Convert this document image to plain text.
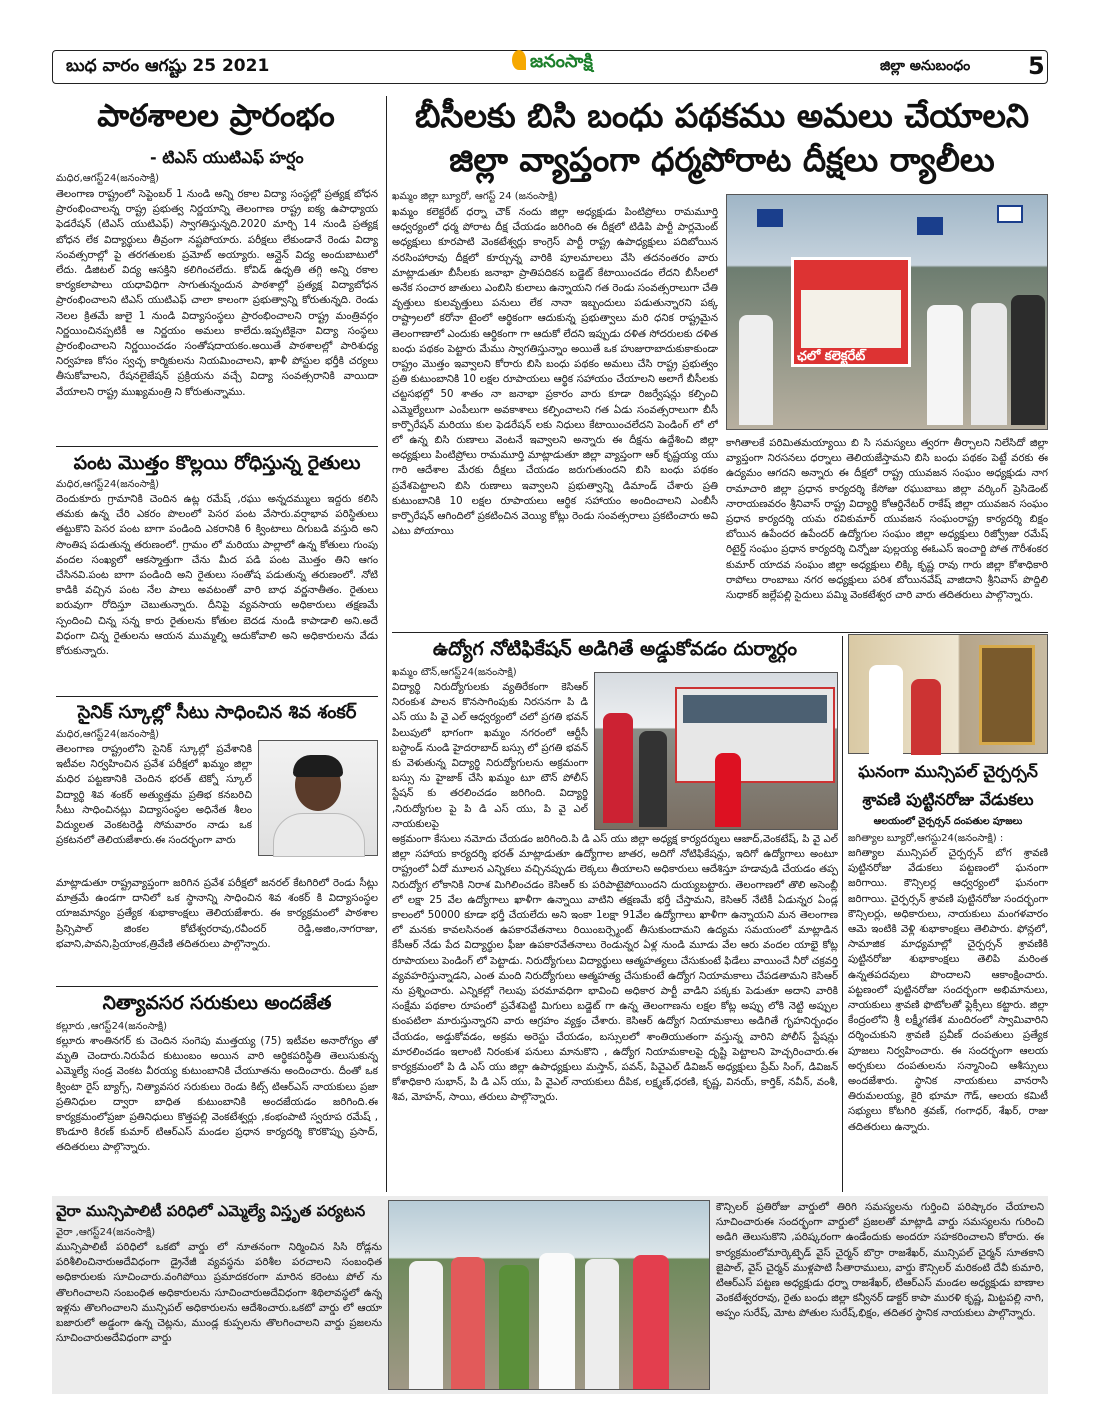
బుధ వారం ఆగష్టు 25 2021	జనంసాక్షి	జిల్లా అనుబంధం 5
బీసీలకు బిసి బంధు పథకము అమలు చేయాలని
జిల్లా వ్యాప్తంగా ధర్మపోరాట దీక్షలు ర్యాలీలు
పాఠశాలల ప్రారంభం
- టిఎస్ యుటిఎఫ్ హర్షం
మధిర,ఆగస్ట్24(జనంసాక్షి)
తెలంగాణ రాష్ట్రంలో సెప్టెంబర్ 1 నుండి అన్ని రకాల విద్యా సంస్థల్లో ప్రత్యక్ష బోధన ప్రారంభించాలన్న రాష్ట్ర ప్రభుత్వ నిర్ణయాన్ని తెలంగాణ రాష్ట్ర ఐక్య ఉపాధ్యాయ ఫెడరేషన్ (టిఎస్ యుటిఎఫ్) స్వాగతిస్తున్నది.2020 మార్చి 14 నుండి ప్రత్యక్ష బోధన లేక విద్యార్థులు తీవ్రంగా నష్టపోయారు. పరీక్షలు లేకుండానే రెండు విద్యా సంవత్సరాల్లో పై తరగతులకు ప్రమోట్ అయ్యారు. ఆన్లైన్ విద్య అందుబాటులో లేదు. డిజిటల్ విద్య ఆసక్తిని కలిగించలేదు. కోవిడ్ ఉధృతి తగ్గి అన్ని రకాల కార్యకలాపాలు యధావిధిగా సాగుతున్నందున పాఠశాల్లో ప్రత్యక్ష విద్యాబోధన ప్రారంభించాలని టిఎస్ యుటిఎఫ్ చాలా కాలంగా ప్రభుత్వాన్ని కోరుతున్నది. రెండు నెలల క్రితమే జులై 1 నుండి విద్యాసంస్థలు ప్రారంభించాలని రాష్ట్ర మంత్రివర్గం నిర్ణయించినప్పటికీ ఆ నిర్ణయం అమలు కాలేదు.ఇప్పటికైనా విద్యా సంస్థలు ప్రారంభించాలని నిర్ణయించడం సంతోషదాయకం.అయితే పాఠశాలల్లో పారిశుధ్య నిర్వహణ కోసం స్వచ్ఛ కార్మికులను నియమించాలని, ఖాళీ పోస్టుల భర్తీకి చర్యలు తీసుకోవాలని, రేషనలైజేషన్ ప్రక్రియను వచ్చే విద్యా సంవత్సరానికి వాయిదా వేయాలని రాష్ట్ర ముఖ్యమంత్రి ని కోరుతున్నాము.
పంట మొత్తం కొల్లయి రోధిస్తున్న రైతులు
మధిర,ఆగస్ట్24(జనంసాక్షి)
దెందుకూరు గ్రామానికి చెందిన ఉట్ల రమేష్ ,రఘు అన్నదమ్ములు ఇద్దరు కలిసి తమకు ఉన్న చేరి ఎకరం పొలంలో పెసర పంట వేసారు.వర్షాభావ పరిస్థితులు తట్టుకొని పెసర పంట బాగా పండింది ఎకరానికి 6 క్వింటాలు దిగుబడి వస్తుది అని సొంతిష పడుతున్న తరుణంలో. గ్రామం లో మరియు పాల్లాలో ఉన్న కోతులు గుంపు వందల సంఖ్యలో ఆకస్మాత్తుగా చేను మీద పడి పంట మొత్తం తిని ఆగం చేసినవి.పంట బాగా పండింది అని రైతులు సంతోష పడుతున్న తరుణంలో. నోటి కాడికి వచ్చిన పంట నేల పాలు అవటంతో వారి బాధ వర్ణనాతీతం. రైతులు ఐరువుగా రోదిస్తూ చెబుతున్నారు. దీనిపై వ్యవసాయ అధికారులు తక్షణమే స్పందించి చిన్న సన్న కారు రైతులను కోతుల బెదడ నుండి కాపాడాలి అని.అదే విధంగా చిన్న రైతులను ఆయన ముమ్మల్ని ఆదుకోవాలి అని అధికారులను వేడు కోరుకున్నారు.
సైనిక్ స్కూల్లో సీటు సాధించిన శివ శంకర్
మధిర,ఆగస్ట్24(జనంసాక్షి)
తెలంగాణ రాష్ట్రంలోని సైనిక్ స్కూల్లో ప్రవేశానికి ఇటీవల నిర్వహించిన ప్రవేశ పరీక్షలో ఖమ్మం జిల్లా మధిర పట్టణానికి చెందిన భరత్ టెక్నో స్కూల్ విద్యార్థి శివ శంకర్ అత్యుత్తమ ప్రతిభ కనబరిచి సీటు సాధించినట్లు విద్యాసంస్థల అధినేత శీలం విద్యులత వెంకటరెడ్డి సోమవారం నాడు ఒక ప్రకటనలో తెలియజేశారు.ఈ సందర్భంగా వారు
మాట్లాడుతూ రాష్ట్రవ్యాప్తంగా జరిగిన ప్రవేశ పరీక్షలో జనరల్ కేటగిరిలో రెండు సీట్లు మాత్రమే ఉండగా దానిలో ఒక స్థానాన్ని సాధించిన శివ శంకర్ కి విద్యాసంస్థల యాజమాన్యం ప్రత్యేక శుభాకాంక్షలు తెలియజేశారు. ఈ కార్యక్రమంలో పాఠశాల ప్రిన్సిపాల్ జింకల కోటేశ్వరరావు,రవీందర్ రెడ్డి,అజిం,నాగరాజు, భవాని,పావని,ప్రియాంక,త్రివేణి తదితరులు పాల్గొన్నారు.
నిత్యావసర సరుకులు అందజేత
కల్లూరు ,ఆగస్ట్24(జనంసాక్షి)
కల్లూరు శాంతినగర్ కు చెందిన సంగెపు ముత్తయ్య (75) ఇటీవల అనారోగ్యం తో మృతి చెందారు.నిరుపేద కుటుంబం అయిన వారి ఆర్థికపరిస్థితి తెలుసుకున్న ఎమ్మెల్యే సండ్ర వెంకట వీరయ్య కుటుంబానికి చేయూతను అందించారు. దీంతో ఒక క్వింటా రైస్ బ్యాగ్స్, నిత్యావసర సరుకులు రెండు కిట్స్ టిఆర్ఎస్ నాయకులు ప్రజా ప్రతినిధుల ద్వారా బాధిత కుటుంబానికి అందజేయడం జరిగింది.ఈ కార్యక్రమంలోప్రజా ప్రతినిధులు కొత్తపల్లి వెంకటేశ్వర్లు ,కంభంపాటి స్వరూప రమేష్ , కొండూరి కిరణ్ కుమార్ టిఆర్ఎస్ మండల ప్రధాన కార్యదర్శి కొరకొప్పు ప్రసాద్, తదితరులు పాల్గొన్నారు.
ఖమ్మం జిల్లా బ్యూరో, ఆగస్ట్ 24 (జనంసాక్షి)
ఖమ్మం కలెక్టరేట్ ధర్నా చౌక్ నందు జిల్లా అధ్యక్షుడు పింటిప్రోలు రామమూర్తి ఆధ్వర్యంలో ధర్మ పోరాట దీక్ష చేయడం జరిగింది ఈ దీక్షలో టిడిపి పార్టీ పార్లమెంట్ అధ్యక్షులు కూరపాటి వెంకటేశ్వర్లు కాంగ్రెస్ పార్టీ రాష్ట్ర ఉపాధ్యక్షులు పదిబోయిన నరసింహారావు దీక్షలో కూర్చున్న వారికి పూలమాలలు వేసి తదనంతరం వారు మాట్లాడుతూ బీసీలకు జనాభా ప్రాతిపదికన బడ్జెట్ కేటాయించడం లేదని బీసీలలో అనేక సంచార జాతులు ఎంబిసి కులాలు ఉన్నాయని గత రెండు సంవత్సరాలుగా చేతి వృత్తులు కులవృత్తులు పనులు లేక నానా ఇబ్బందులు పడుతున్నారని పక్క రాష్ట్రాలలో కరోనా టైంలో ఆర్థికంగా ఆదుకున్న ప్రభుత్వాలు మరి ధనిక రాష్ట్రమైన తెలంగాణాలో ఎందుకు ఆర్థికంగా గా ఆదుకో లేదని ఇప్పుడు దళిత సోదరులకు దళిత బంధు పథకం పెట్టారు మేము స్వాగతిస్తున్నాం అయితే ఒక హుజురాబాదుకుకాకుండా రాష్ట్రం మొత్తం ఇవ్వాలని కోరారు బిసి బంధు పథకం అమలు చేసి రాష్ట్ర ప్రభుత్వం ప్రతి కుటుంబానికి 10 లక్షల రూపాయలు ఆర్థిక సహాయం చేయాలని అలాగే బీసీలకు చట్టసభల్లో 50 శాతం నా జనాభా ప్రకారం వారు కూడా రిజర్వేషన్లు కల్పించి ఎమ్మెల్యేలుగా ఎంపీలుగా అవకాశాలు కల్పించాలని గత ఏడు సంవత్సరాలుగా బీసీ కార్పొరేషన్ మరియు కుల ఫెడరేషన్ లకు నిధులు కేటాయించలేదని పెండింగ్ లో లో లో ఉన్న బిసి రుణాలు వెంటనే ఇవ్వాలని అన్నారు ఈ దీక్షను ఉద్దేశించి జిల్లా అధ్యక్షులు పింటిప్రోలు రామమూర్తి మాట్లాడుతూ జిల్లా వ్యాప్తంగా ఆర్ కృష్ణయ్య యు గారి ఆదేశాల మేరకు దీక్షలు చేయడం జరుగుతుందని బిసి బంధు పథకం ప్రవేశపెట్టాలని బిసి రుణాలు ఇవ్వాలని ప్రభుత్వాన్ని డిమాండ్ చేశారు ప్రతి కుటుంబానికి 10 లక్షల రూపాయలు ఆర్థిక సహాయం అందించాలని ఎంబీసీ కార్పొరేషన్ ఆగిందిలో ప్రకటించిన వెయ్యి కోట్లు రెండు సంవత్సరాలు ప్రకటించారు అవి ఎటు పోయాయి
ఛలో కలెక్టరేట్
కాగితాలకే పరిమితమయ్యాయి బి సి సమస్యలు త్వరగా తీర్చాలని నిలేసిదో జిల్లా వ్యాప్తంగా నిరసనలు ధర్నాలు తెలియజేస్తామని బిసి బంధు పథకం పెట్టే వరకు ఈ ఉద్యమం ఆగదని అన్నారు ఈ దీక్షలో రాష్ట్ర యువజన సంఘం అధ్యక్షుడు నాగ రామాచారి జిల్లా ప్రధాన కార్యదర్శి కేసోజు రఘుబాబు జిల్లా వర్కింగ్ ప్రెసిడెంట్ నారాయణవరం శ్రీనివాస్ రాష్ట్ర విద్యార్థి కోఆర్డినేటర్ రాకేష్ జిల్లా యువజన సంఘం ప్రధాన కార్యదర్శి యమ రవికుమార్ యువజన సంఘంరాష్ట్ర కార్యదర్శి బిక్షం బోయిన ఉపేందర ఉపేందర్ ఉద్యోగుల సంఘం జిల్లా అధ్యక్షులు రిజ్వ్రోజు రమేష్ రిటైర్డ్ సంఘం ప్రధాన కార్యదర్శి చిన్నోజు పుల్లయ్య ఈఓఎస్ ఇంచార్జి పోత గౌరీశంకర కుమార్ యాదవ సంఘం జిల్లా అధ్యక్షులు లిక్కి కృష్ణ రావు గారు జిల్లా కోశాధికారి రాపోలు రాంబాబు నగర అధ్యక్షులు పరిశ బోయినవేష్ వాజిదాని శ్రీనివాస్ పొద్దిలి సుధాకర్ జల్లేపల్లి సైదులు పమ్మి వెంకటేశ్వర చారి వారు తదితరులు పాల్గొన్నారు.
ఉద్యోగ నోటిఫికేషన్ అడిగితే అడ్డుకోవడం దుర్మార్గం
ఖమ్మం టౌన్,ఆగస్ట్24(జనంసాక్షి)
విద్యార్థి నిరుద్యోగులకు వ్యతిరేకంగా కెసిఆర్ నిరంకుశ పాలన కొనసాగింపుకు నిరసనగా పి డి ఎస్ యు పి వై ఎల్ ఆధ్వర్యంలో చలో ప్రగతి భవన్ పిలుపులో భాగంగా ఖమ్మం నగరంలో ఆర్టీసీ బస్టాండ్ నుండి హైదరాబాద్ బస్సు లో ప్రగతి భవన్ కు వెళుతున్న విద్యార్థి నిరుద్యోగులను అక్రమంగా బస్సు ను హైజాక్ చేసి ఖమ్మం టూ టౌన్ పోలీస్ స్టేషన్ కు తరలించడం జరిగింది. విద్యార్థి ,నిరుద్యోగుల పై పి డి ఎస్ యు, పి వై ఎల్ నాయకులపై
అక్రమంగా కేసులు నమోదు చేయడం జరిగింది.పి డి ఎస్ యు జిల్లా అధ్యక్ష కార్యదర్శులు ఆజాద్,వెంకటేష్, పి వై ఎల్ జిల్లా సహాయ కార్యదర్శి భరత్ మాట్లాడుతూ ఉద్యోగాల జాతర, అదిగో నోటిఫికేషన్లు, ఇదిగో ఉద్యోగాలు అంటూ రాష్ట్రంలో ఏదో మూలన ఎన్నికలు వచ్చినప్పుడు లెక్కలు తీయాలని అధికారులు ఆదేశిస్తూ హడావుడి చేయడం తప్ప నిరుద్యోగ లోకానికి నిరాశ మిగిలించడం కెసిఆర్ కు పరిపాటైపోయిందని దుయ్యబట్టారు. తెలంగాణలో తొలి అసెంబ్లీ లో లక్షా 25 వేల ఉద్యోగాలు ఖాళీగా ఉన్నాయి వాటిని తక్షణమే భర్తీ చేస్తామని, కెసిఆర్ నేటికీ ఏడున్నర ఏండ్ల కాలంలో 50000 కూడా భర్తీ చేయలేదు అని ఇంకా 1లక్షా 91వేల ఉద్యోగాలు ఖాళీగా ఉన్నాయని మన తెలంగాణ లో మనకు కావలసినంత ఉపకారవేతనాలు రియింబర్స్మెంట్ తీసుకుందామని ఉద్యమ సమయంలో మాట్లాడిన కేసీఆర్ నేడు పేద విద్యార్థుల ఫీజు ఉపకారవేతనాలు రెండున్నర ఏళ్ల నుండి మూడు వేల ఆరు వందల యాభై కోట్ల రూపాయలు పెండింగ్ లో పెట్టాడు. నిరుద్యోగులు విద్యార్థులు ఆత్మహత్యలు చేసుకుంటే ఫిడేలు వాయించే నీరో చక్రవర్తి వ్యవహరిస్తున్నాడని, ఎంత మంది నిరుద్యోగులు ఆత్మహత్య చేసుకుంటే ఉద్యోగ నియామకాలు చేపడతామని కెసిఆర్ ను ప్రశ్నించారు. ఎన్నికల్లో గెలుపు పరమావధిగా భావించి అధికార పార్టీ వాడిని పక్కకు పెడుతూ అదాని వారికి సంక్షేమ పథకాల రూపంలో ప్రవేశపెట్టి మిగులు బడ్జెట్ గా ఉన్న తెలంగాణను లక్షల కోట్ల అప్పు లోకి నెట్టి అప్పుల కుంపటిలా మారుస్తున్నారని వారు ఆగ్రహం వ్యక్తం చేశారు. కెసిఆర్ ఉద్యోగ నియామకాలు అడిగితే గృహనిర్బంధం చేయడం, అడ్డుకోవడం, అక్రమ అరెస్టు చేయడం, బస్సులలో శాంతియుతంగా వస్తున్న వారిని పోలీస్ స్టేషన్లు మారలించడం ఇలాంటి నిరంకుశ పనులు మానుకొని , ఉద్యోగ నియామకాలపై దృష్టి పెట్టాలని హెచ్చరించారు.ఈ కార్యక్రమంలో పి డి ఎస్ యు జిల్లా ఉపాధ్యక్షులు మస్తాన్, పవన్, పివైఎల్ డివిజన్ అధ్యక్షులు ప్రేమ్ సింగ్, డివిజన్ కోశాధికారి సుభాన్, పి డి ఎస్ యు, పి వైఎల్ నాయకులు దీపిక, లక్ష్మణ్,ధరణి, కృష్ణ, వినయ్, కార్తిక్, నవీన్, వంశీ, శివ, మోహన్, సాయి, తరులు పాల్గొన్నారు.
ఘనంగా మున్సిపల్ చైర్పర్సన్
శ్రావణి పుట్టినరోజు వేడుకలు
ఆలయంలో చైర్పర్సన్ దంపతుల పూజలు
జగిత్యాల బ్యూరో,ఆగస్టు24(జనంసాక్షి) :
జగిత్యాల మున్సిపల్ చైర్పర్సన్ బోగ శ్రావణి పుట్టినరోజు వేడుకలు పట్టణంలో ఘనంగా జరిగాయి. కౌన్సిలర్ల ఆధ్వర్యంలో ఘనంగా జరిగాయి. చైర్పర్సన్ శ్రావణి పుట్టినరోజు సందర్భంగా కౌన్సిలర్లు, అధికారులు, నాయకులు మంగళవారం ఆమె ఇంటికి వెళ్లి శుభాకాంక్షలు తెలిపారు. ఫోన్లలో, సామాజిక మాధ్యమాల్లో చైర్పర్సన్ శ్రావణికి పుట్టినరోజు శుభాకాంక్షలు తెలిపి మరింత ఉన్నతపదవులు పొందాలని ఆకాంక్షించారు. పట్టణంలో పుట్టినరోజు సందర్భంగా అభిమానులు, నాయకులు శ్రావణి ఫొటోలతో ఫ్లెక్సీలు కట్టారు. జిల్లా కేంద్రంలోని శ్రీ లక్ష్మీగణేశ మందిరంలో స్వామివారిని దర్శించుకుని శ్రావణి ప్రవీణ్ దంపతులు ప్రత్యేక పూజలు నిర్వహించారు. ఈ సందర్భంగా ఆలయ అర్చకులు దంపతులను సన్మానించి ఆశీస్సులు అందజేశారు. స్థానిక నాయకులు వానరాసి తిరుమలయ్య, కైరి భూమా గౌడ్, ఆలయ కమిటీ సభ్యులు కోటగిరి శ్రవణ్, గంగాధర్, శేఖర్, రాజు తదితరులు ఉన్నారు.
వైరా మున్సిపాలిటీ పరిధిలో ఎమ్మెల్యే విస్తృత పర్యటన
వైరా ,ఆగస్ట్24(జనంసాక్షి)
మున్సిపాలిటీ పరిధిలో ఒకటో వార్డు లో నూతనంగా నిర్మించిన సిసి రోడ్లను పరిశీలించినారుఅదేవిధంగా డ్రైనేజీ వ్యవస్థను పరిశీల పరచాలని సంబంధిత అధికారులకు సూచించారు.వంగిపోయి ప్రమాదకరంగా మారిన కరెంటు పోల్ ను తొలగించాలని సంబంధిత అధికారులను సూచించారుఅదేవిధంగా శిథిలావస్థలో ఉన్న ఇళ్లను తొలగించాలని మున్సిపల్ అధికారులను ఆదేశించారు.ఒకటో వార్డు లో ఆయా బజారులో అడ్డంగా ఉన్న చెట్లను, ముండ్ల కుప్పలను తొలగించాలని వార్డు ప్రజలను సూచించారుఅదేవిధంగా వార్డు
కౌన్సిలర్ ప్రతిరోజు వార్డులో తిరిగి సమస్యలను గుర్తించి పరిష్కారం చేయాలని సూచించారుఈ సందర్భంగా వార్డులో ప్రజలతో మాట్లాడి వార్డు సమస్యలను గురించి అడిగి తెలుసుకొని ,పరిష్కరంగా ఉండేందుకు అందరూ సహకరించాలని కోరారు. ఈ కార్యక్రమంలోమార్కెట్ఫెడ్ వైస్ చైర్మన్ బొర్రా రాజశేఖర్, మున్సిపల్ చైర్మన్ సూతకాని జైపాల్, వైస్ చైర్మన్ ముళ్లపాటి సీతారాములు, వార్డు కౌన్సిలర్ మరికంటి దేవీ కుమారి, టిఆర్ఎస్ పట్టణ అధ్యక్షుడు ధర్నా రాజశేఖర్, టిఆర్ఎస్ మండల అధ్యక్షుడు బాణాల వెంకటేశ్వరరావు, రైతు బంధు జిల్లా కన్వీనర్ డాక్టర్ కాపా మురళి కృష్ణ, మిట్టపల్లి నాగి, అప్పం సురేష్, మోట పోతుల సురేష్,భిక్షం, తదితర స్థానిక నాయకులు పాల్గొన్నారు.
